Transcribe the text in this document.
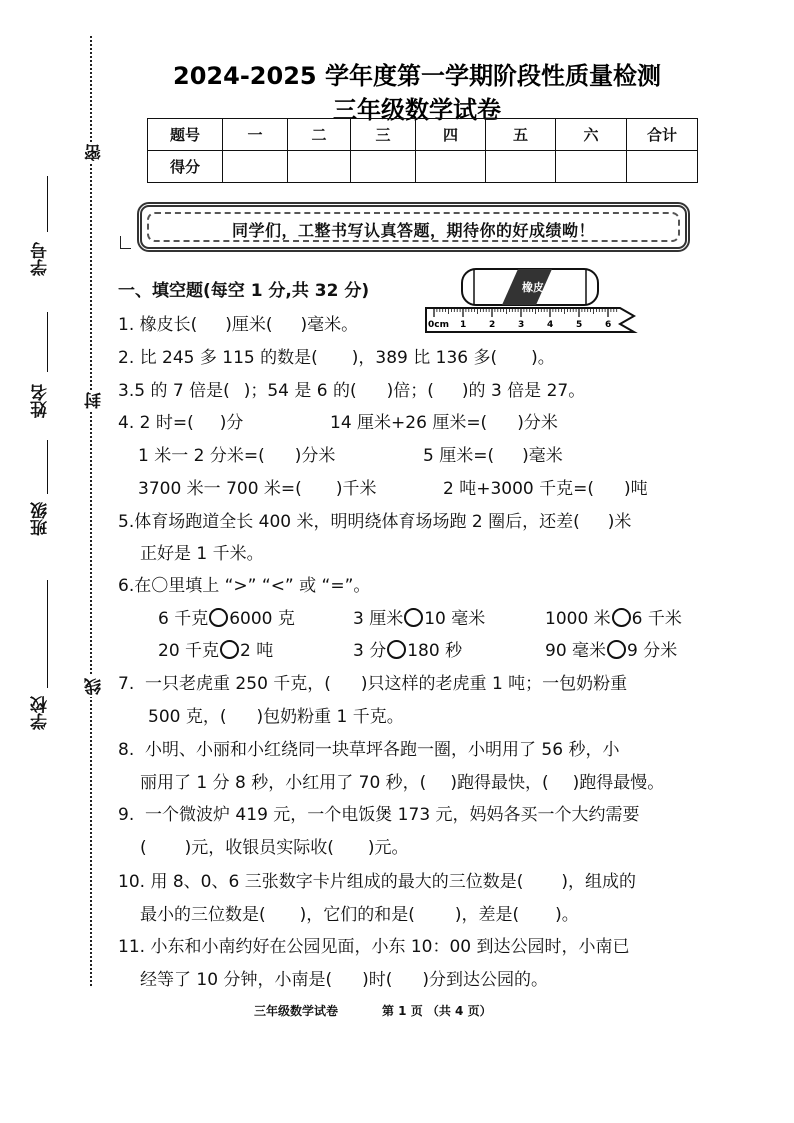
学号
姓名
班级
学校
密
封
线
2024-2025 学年度第一学期阶段性质量检测
三年级数学试卷
题号	一	二	三	四	五	六	合计
得分							
同学们，工整书写认真答题，期待你的好成绩呦！
一、填空题(每空 1 分,共 32 分)	橡皮
0cm 1	2	3	4	5	6
1. 橡皮长( )厘米( )毫米。
2. 比 245 多 115 的数是( )，389 比 136 多( )。
3.5 的 7 倍是( )；54 是 6 的( )倍；( )的 3 倍是 27。
4. 2 时=( )分	14 厘米+26 厘米=( )分米
1 米一 2 分米=( )分米	5 厘米=( )毫米
3700 米一 700 米=( )千米	2 吨+3000 千克=( )吨
5.体育场跑道全长 400 米，明明绕体育场场跑 2 圈后，还差( )米
正好是 1 千米。
6.在〇里填上 “>” “<” 或 “=”。
6 千克 6000 克	3 厘米 10 毫米	1000 米 6 千米
20 千克 2 吨	3 分 180 秒	90 毫米 9 分米
7.  一只老虎重 250 千克，( )只这样的老虎重 1 吨；一包奶粉重
500 克，( )包奶粉重 1 千克。
8.  小明、小丽和小红绕同一块草坪各跑一圈，小明用了 56 秒，小
丽用了 1 分 8 秒，小红用了 70 秒，( )跑得最快，( )跑得最慢。
9.  一个微波炉 419 元，一个电饭煲 173 元，妈妈各买一个大约需要
( )元，收银员实际收( )元。
10. 用 8、0、6 三张数字卡片组成的最大的三位数是( )，组成的
最小的三位数是( )，它们的和是( )，差是( )。
11. 小东和小南约好在公园见面，小东 10：00 到达公园时，小南已
经等了 10 分钟，小南是( )时( )分到达公园的。
三年级数学试卷	第 1 页 （共 4 页）
